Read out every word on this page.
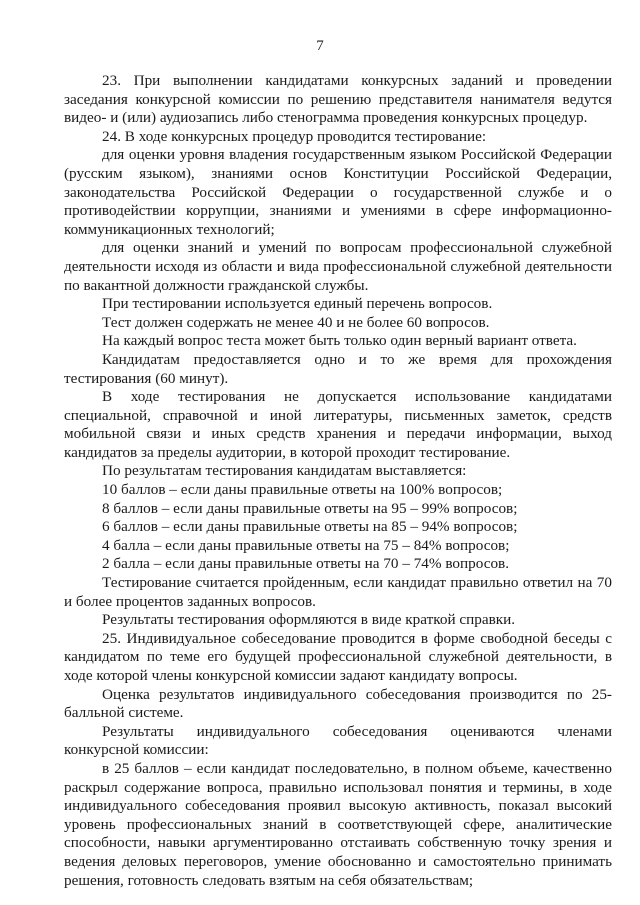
7

23. При выполнении кандидатами конкурсных заданий и проведении заседания конкурсной комиссии по решению представителя нанимателя ведутся видео- и (или) аудиозапись либо стенограмма проведения конкурсных процедур.

24. В ходе конкурсных процедур проводится тестирование:

для оценки уровня владения государственным языком Российской Федерации (русским языком), знаниями основ Конституции Российской Федерации, законодательства Российской Федерации о государственной службе и о противодействии коррупции, знаниями и умениями в сфере информационно-коммуникационных технологий;

для оценки знаний и умений по вопросам профессиональной служебной деятельности исходя из области и вида профессиональной служебной деятельности по вакантной должности гражданской службы.

При тестировании используется единый перечень вопросов.

Тест должен содержать не менее 40 и не более 60 вопросов.

На каждый вопрос теста может быть только один верный вариант ответа.

Кандидатам предоставляется одно и то же время для прохождения тестирования (60 минут).

В ходе тестирования не допускается использование кандидатами специальной, справочной и иной литературы, письменных заметок, средств мобильной связи и иных средств хранения и передачи информации, выход кандидатов за пределы аудитории, в которой проходит тестирование.

По результатам тестирования кандидатам выставляется:

10 баллов – если даны правильные ответы на 100% вопросов;

8 баллов – если даны правильные ответы на 95 – 99% вопросов;

6 баллов – если даны правильные ответы на 85 – 94% вопросов;

4 балла – если даны правильные ответы на 75 – 84% вопросов;

2 балла – если даны правильные ответы на 70 – 74% вопросов.

Тестирование считается пройденным, если кандидат правильно ответил на 70 и более процентов заданных вопросов.

Результаты тестирования оформляются в виде краткой справки.

25. Индивидуальное собеседование проводится в форме свободной беседы с кандидатом по теме его будущей профессиональной служебной деятельности, в ходе которой члены конкурсной комиссии задают кандидату вопросы.

Оценка результатов индивидуального собеседования производится по 25-балльной системе.

Результаты индивидуального собеседования оцениваются членами конкурсной комиссии:

в 25 баллов – если кандидат последовательно, в полном объеме, качественно раскрыл содержание вопроса, правильно использовал понятия и термины, в ходе индивидуального собеседования проявил высокую активность, показал высокий уровень профессиональных знаний в соответствующей сфере, аналитические способности, навыки аргументированно отстаивать собственную точку зрения и ведения деловых переговоров, умение обоснованно и самостоятельно принимать решения, готовность следовать взятым на себя обязательствам;
